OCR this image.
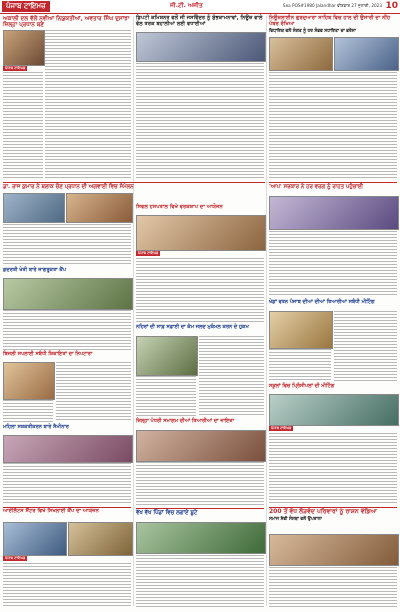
ਪੰਜਾਬ ਟਾਇਮਜ਼	ਜੀ.ਟੀ. ਅਜੀਤ	Sea POS#1980 Jalandhar ਵੀਰਵਾਰ 27 ਜੁਲਾਈ, 2023 10

ਅਕਾਲੀ ਦਲ ਵੱਲੋਂ ਨਵੀਆਂ ਨਿਯੁਕਤੀਆਂ, ਅਵਤਾਰ ਸਿੰਘ ਦੁਸਾਂਝਾ ਜ਼ਿਲ੍ਹਾ ਪ੍ਰਧਾਨ ਬਣੇ

ਪੰਜਾਬ ਟਾਇਮਜ਼

ਡਾ. ਰਾਜ ਕੁਮਾਰ ਨੇ ਬਲਾਕ ਚੋਣ ਪ੍ਰਧਾਨ ਦੀ ਅਗਵਾਈ ਵਿਚ ਸੰਮੇਲਨ

ਕੁਦਰਤੀ ਖੇਤੀ ਬਾਰੇ ਜਾਗਰੂਕਤਾ ਕੈਂਪ

ਬਿਜਲੀ ਸਪਲਾਈ ਸਬੰਧੀ ਸ਼ਿਕਾਇਤਾਂ ਦਾ ਨਿਪਟਾਰਾ

ਮਹਿਲਾ ਸਸ਼ਕਤੀਕਰਨ ਬਾਰੇ ਸੈਮੀਨਾਰ

ਆਈਲੈਟਸ ਸੈਂਟਰ ਵਿਖੇ ਸਿਖਲਾਈ ਕੈਂਪ ਦਾ ਆਯੋਜਨ

ਪੰਜਾਬ ਟਾਇਮਜ਼

ਡਿਪਟੀ ਕਮਿਸ਼ਨਰ ਵਲੋਂ ਜੀ ਜਸਵਿੰਦਰ ਨੂੰ ਸ਼ੁੱਭਕਾਮਨਾਵਾਂ, ਨਿਊਜ਼ ਵਾਲੇ ਵੱਲ ਤਰਕ ਬਹਾਲੀਆਂ ਲਈ ਵਧਾਈਆਂ

ਸਿਵਲ ਹਸਪਤਾਲ ਵਿਖੇ ਵਰਕਸ਼ਾਪ ਦਾ ਆਯੋਜਨ

ਪੰਜਾਬ ਟਾਇਮਜ਼

ਨਹਿਰਾਂ ਦੀ ਸਾਫ਼ ਸਫ਼ਾਈ ਦਾ ਕੰਮ ਜਲਦ ਮੁਕੰਮਲ ਕਰਨ ਦੇ ਹੁਕਮ

ਜ਼ਿਲ੍ਹਾ ਪੱਧਰੀ ਸਮਾਗਮ ਦੀਆਂ ਤਿਆਰੀਆਂ ਦਾ ਜਾਇਜ਼ਾ

ਵੱਖ ਵੱਖ ਪਿੰਡਾਂ ਵਿਚ ਲਗਾਏ ਬੂਟੇ

ਨਿਊਜ਼ਲਾਈਨ ਗੁਰਦੁਆਰਾ ਸਾਹਿਬ ਵਿਚ ਹਾਲ ਦੀ ਉਸਾਰੀ ਦਾ ਨੀਂਹ ਪੱਥਰ ਰੱਖਿਆ

ਵਿਧਾਇਕ ਵਲੋਂ ਸੰਗਤ ਨੂੰ ਹਰ ਸੰਭਵ ਸਹਾਇਤਾ ਦਾ ਭਰੋਸਾ

'ਆਪ' ਸਰਕਾਰ ਨੇ ਹਰ ਵਰਗ ਨੂੰ ਰਾਹਤ ਪਹੁੰਚਾਈ

ਖੇਡਾਂ ਵਤਨ ਪੰਜਾਬ ਦੀਆਂ ਦੀਆਂ ਤਿਆਰੀਆਂ ਸਬੰਧੀ ਮੀਟਿੰਗ

ਸਕੂਲਾਂ ਵਿਚ ਪ੍ਰਿੰਸੀਪਲਾਂ ਦੀ ਮੀਟਿੰਗ

ਪੰਜਾਬ ਟਾਇਮਜ਼

200 ਤੋਂ ਵੱਧ ਲੋੜਵੰਦ ਪਰਿਵਾਰਾਂ ਨੂੰ ਰਾਸ਼ਨ ਵੰਡਿਆ

ਸਮਾਜ ਸੇਵੀ ਸੰਸਥਾ ਵਲੋਂ ਉਪਰਾਲਾ
